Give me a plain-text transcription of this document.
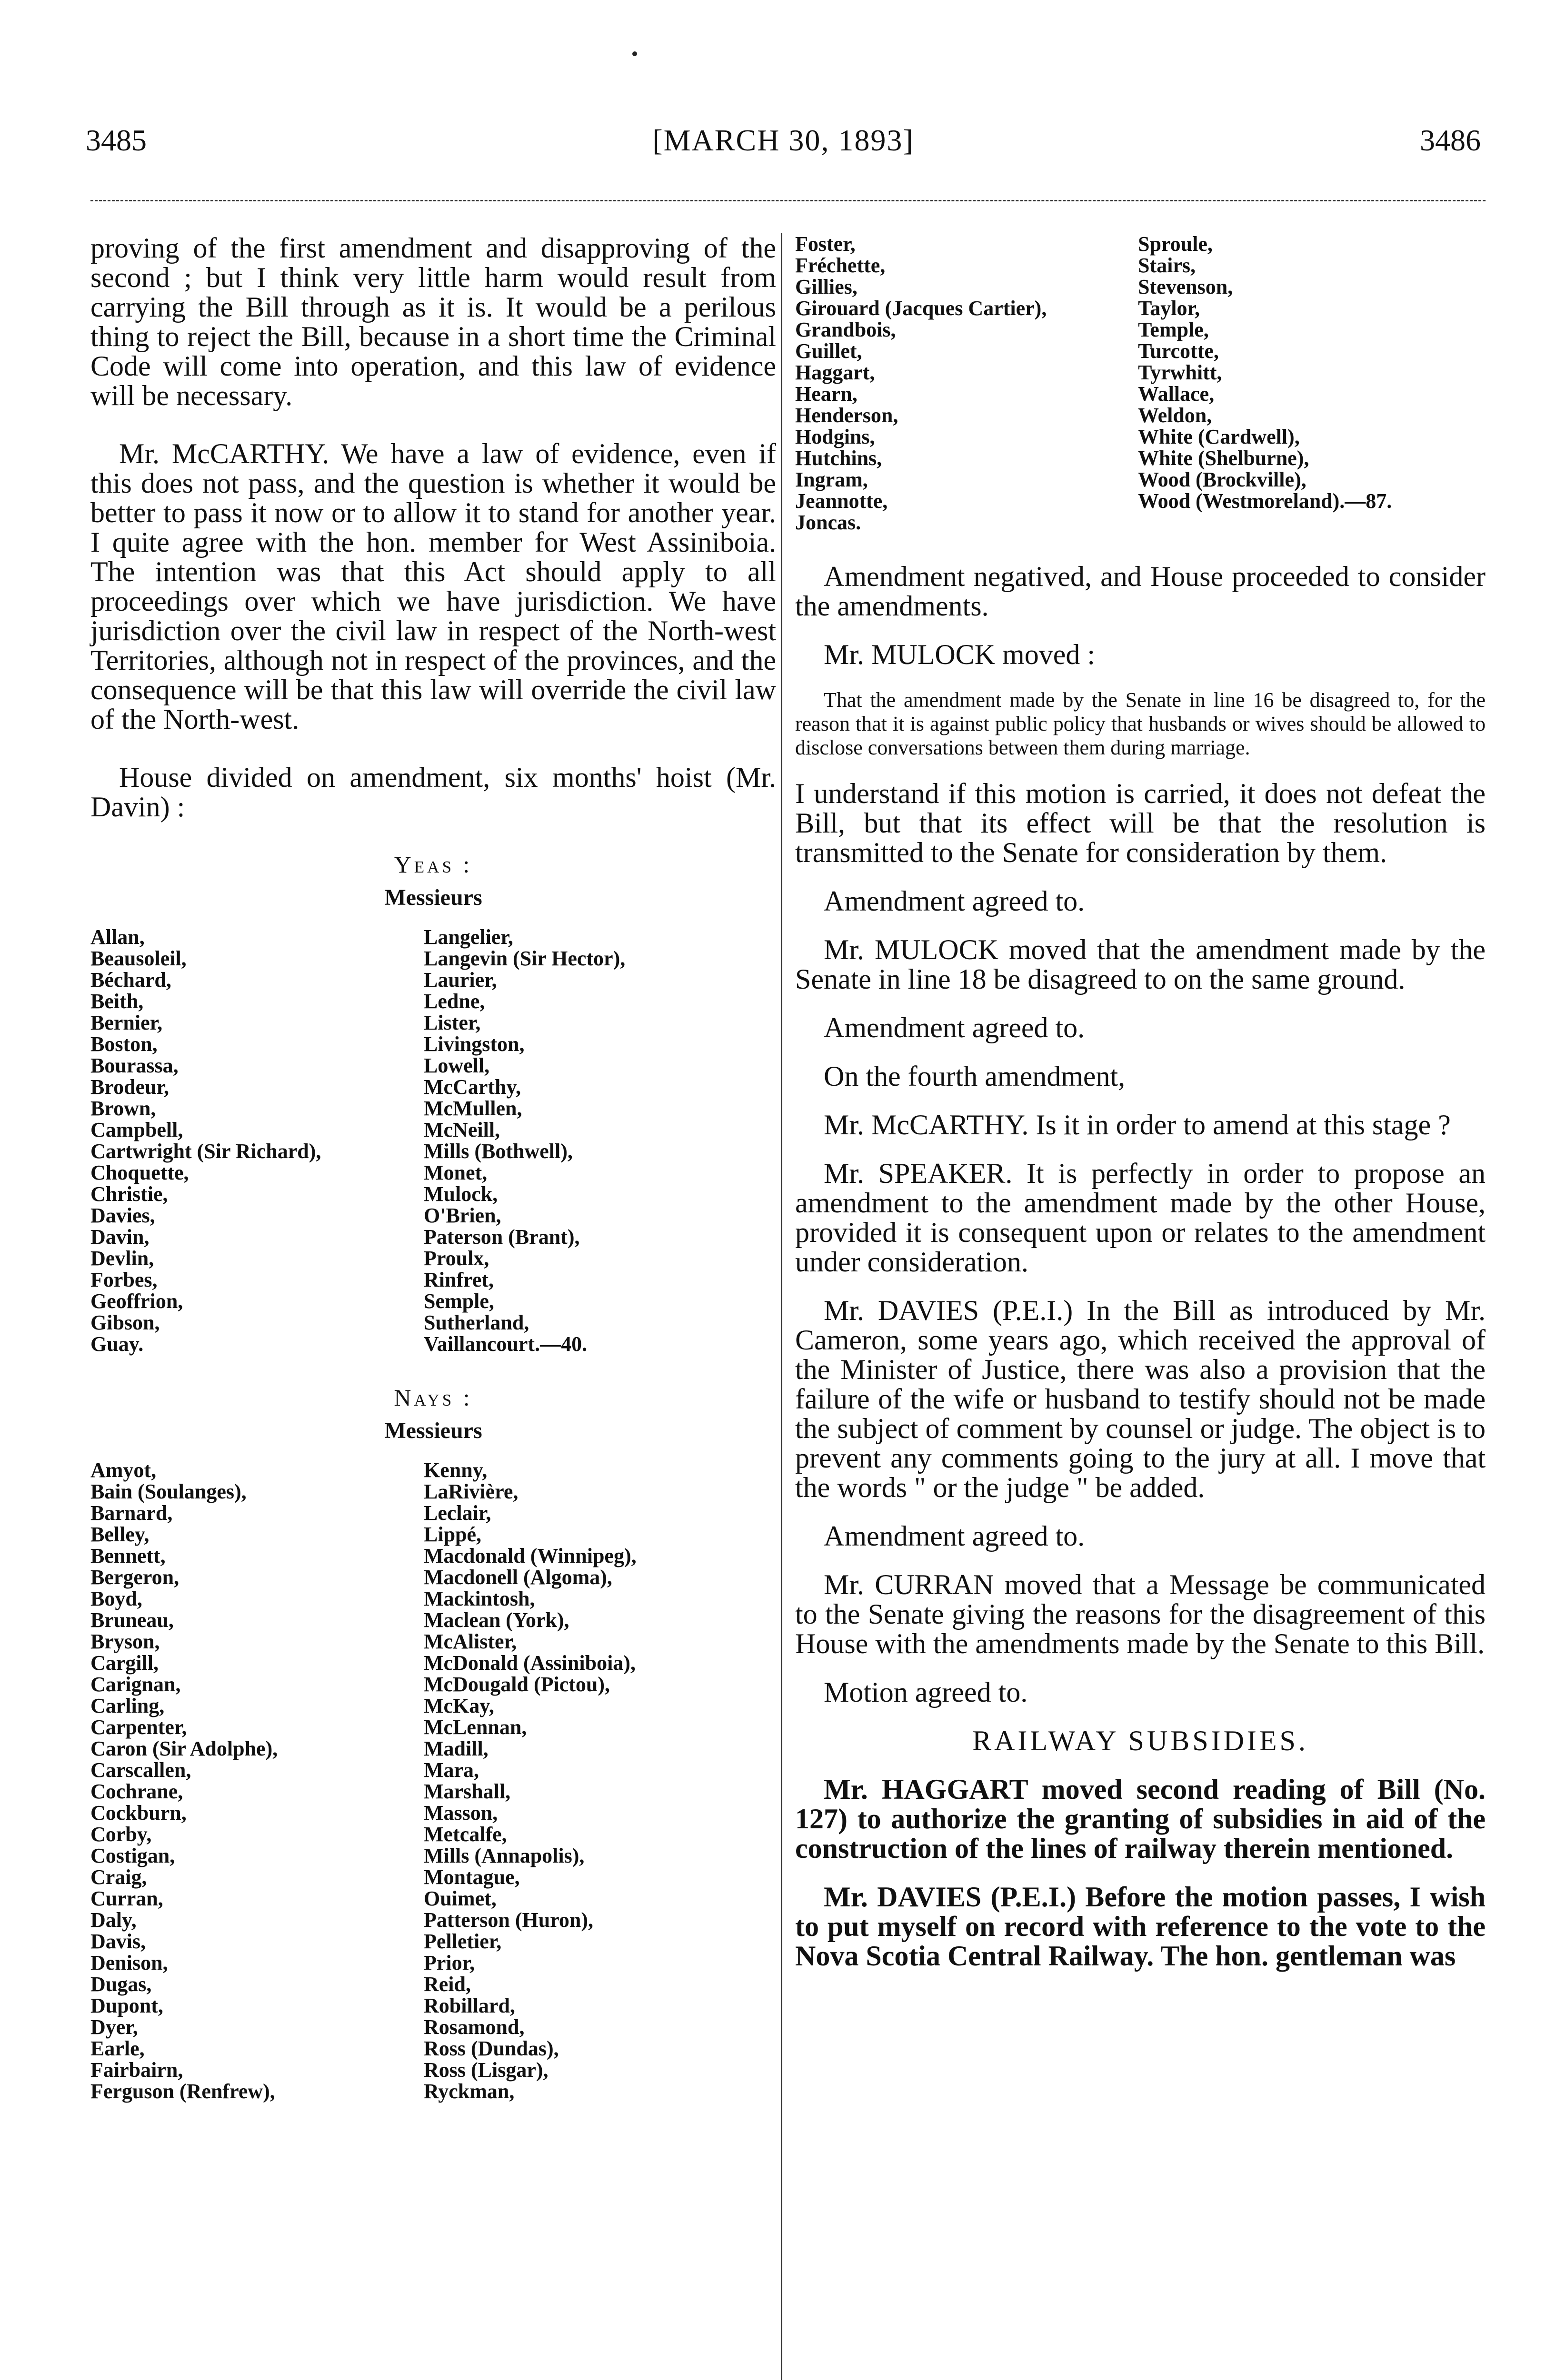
3485	[MARCH 30, 1893]	3486

proving of the first amendment and disapproving of the second ; but I think very little harm would result from carrying the Bill through as it is. It would be a perilous thing to reject the Bill, because in a short time the Criminal Code will come into operation, and this law of evidence will be necessary.

Mr. McCARTHY. We have a law of evidence, even if this does not pass, and the question is whether it would be better to pass it now or to allow it to stand for another year. I quite agree with the hon. member for West Assiniboia. The intention was that this Act should apply to all proceedings over which we have jurisdiction. We have jurisdiction over the civil law in respect of the North-west Territories, although not in respect of the provinces, and the consequence will be that this law will override the civil law of the North-west.

House divided on amendment, six months' hoist (Mr. Davin) :

Yeas :
Messieurs
Allan,
Beausoleil,
Béchard,
Beith,
Bernier,
Boston,
Bourassa,
Brodeur,
Brown,
Campbell,
Cartwright (Sir Richard),
Choquette,
Christie,
Davies,
Davin,
Devlin,
Forbes,
Geoffrion,
Gibson,
Guay.
Langelier,
Langevin (Sir Hector),
Laurier,
Ledne,
Lister,
Livingston,
Lowell,
McCarthy,
McMullen,
McNeill,
Mills (Bothwell),
Monet,
Mulock,
O'Brien,
Paterson (Brant),
Proulx,
Rinfret,
Semple,
Sutherland,
Vaillancourt.—40.
Nays :
Messieurs
Amyot,
Bain (Soulanges),
Barnard,
Belley,
Bennett,
Bergeron,
Boyd,
Bruneau,
Bryson,
Cargill,
Carignan,
Carling,
Carpenter,
Caron (Sir Adolphe),
Carscallen,
Cochrane,
Cockburn,
Corby,
Costigan,
Craig,
Curran,
Daly,
Davis,
Denison,
Dugas,
Dupont,
Dyer,
Earle,
Fairbairn,
Ferguson (Renfrew),
Kenny,
LaRivière,
Leclair,
Lippé,
Macdonald (Winnipeg),
Macdonell (Algoma),
Mackintosh,
Maclean (York),
McAlister,
McDonald (Assiniboia),
McDougald (Pictou),
McKay,
McLennan,
Madill,
Mara,
Marshall,
Masson,
Metcalfe,
Mills (Annapolis),
Montague,
Ouimet,
Patterson (Huron),
Pelletier,
Prior,
Reid,
Robillard,
Rosamond,
Ross (Dundas),
Ross (Lisgar),
Ryckman,
Foster,
Fréchette,
Gillies,
Girouard (Jacques Cartier),
Grandbois,
Guillet,
Haggart,
Hearn,
Henderson,
Hodgins,
Hutchins,
Ingram,
Jeannotte,
Joncas.
Sproule,
Stairs,
Stevenson,
Taylor,
Temple,
Turcotte,
Tyrwhitt,
Wallace,
Weldon,
White (Cardwell),
White (Shelburne),
Wood (Brockville),
Wood (Westmoreland).—87.

Amendment negatived, and House proceeded to consider the amendments.

Mr. MULOCK moved :

That the amendment made by the Senate in line 16 be disagreed to, for the reason that it is against public policy that husbands or wives should be allowed to disclose conversations between them during marriage.

I understand if this motion is carried, it does not defeat the Bill, but that its effect will be that the resolution is transmitted to the Senate for consideration by them.

Amendment agreed to.

Mr. MULOCK moved that the amendment made by the Senate in line 18 be disagreed to on the same ground.

Amendment agreed to.

On the fourth amendment,

Mr. McCARTHY. Is it in order to amend at this stage ?

Mr. SPEAKER. It is perfectly in order to propose an amendment to the amendment made by the other House, provided it is consequent upon or relates to the amendment under consideration.

Mr. DAVIES (P.E.I.) In the Bill as introduced by Mr. Cameron, some years ago, which received the approval of the Minister of Justice, there was also a provision that the failure of the wife or husband to testify should not be made the subject of comment by counsel or judge. The object is to prevent any comments going to the jury at all. I move that the words " or the judge " be added.

Amendment agreed to.

Mr. CURRAN moved that a Message be communicated to the Senate giving the reasons for the disagreement of this House with the amendments made by the Senate to this Bill.

Motion agreed to.

RAILWAY SUBSIDIES.

Mr. HAGGART moved second reading of Bill (No. 127) to authorize the granting of subsidies in aid of the construction of the lines of railway therein mentioned.

Mr. DAVIES (P.E.I.) Before the motion passes, I wish to put myself on record with reference to the vote to the Nova Scotia Central Railway. The hon. gentleman was
